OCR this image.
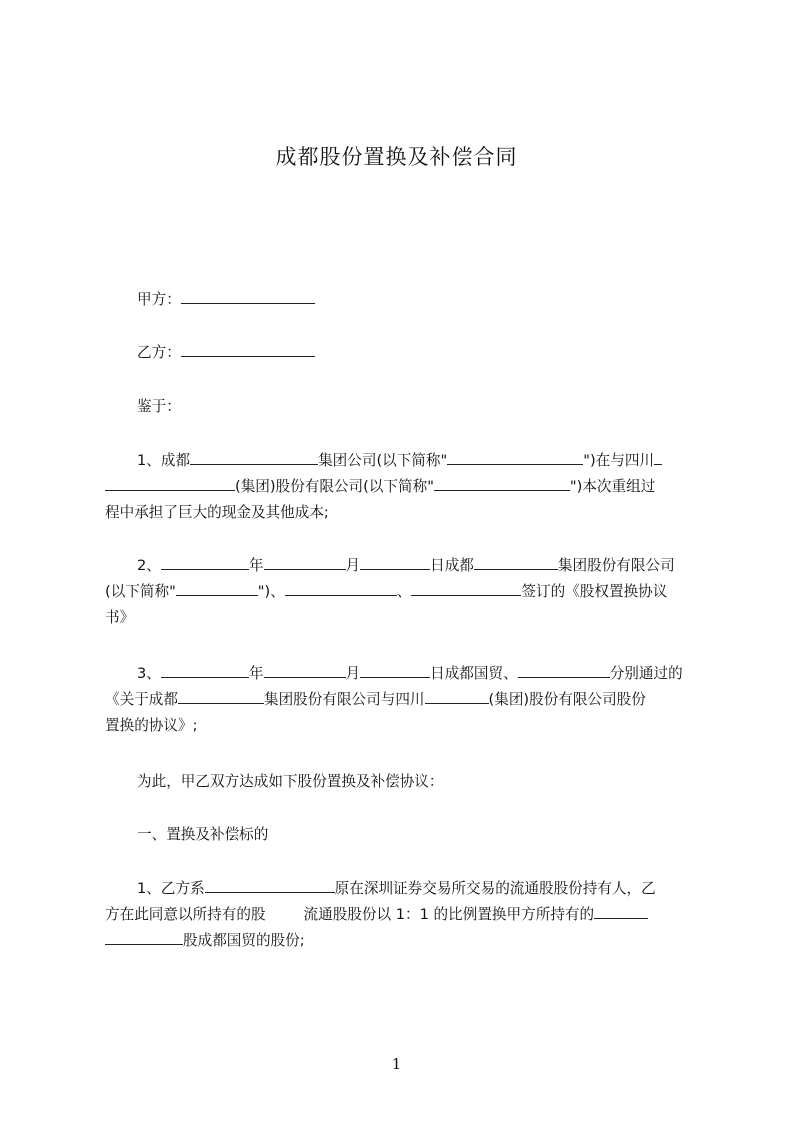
成都股份置换及补偿合同
甲方：
乙方：
鉴于：
1、成都	集团公司(以下简称"	")在与四川
(集团)股份有限公司(以下简称"	")本次重组过
程中承担了巨大的现金及其他成本;
2、	年	月	日成都	集团股份有限公司
(以下简称"	")、	、	签订的《股权置换协议
书》
3、	年	月	日成都国贸、	分别通过的
《关于成都	集团股份有限公司与四川	(集团)股份有限公司股份
置换的协议》;
为此，甲乙双方达成如下股份置换及补偿协议：
一、置换及补偿标的
1、乙方系	原在深圳证券交易所交易的流通股股份持有人，乙
方在此同意以所持有的股	流通股股份以 1：1 的比例置换甲方所持有的
股成都国贸的股份;
1
